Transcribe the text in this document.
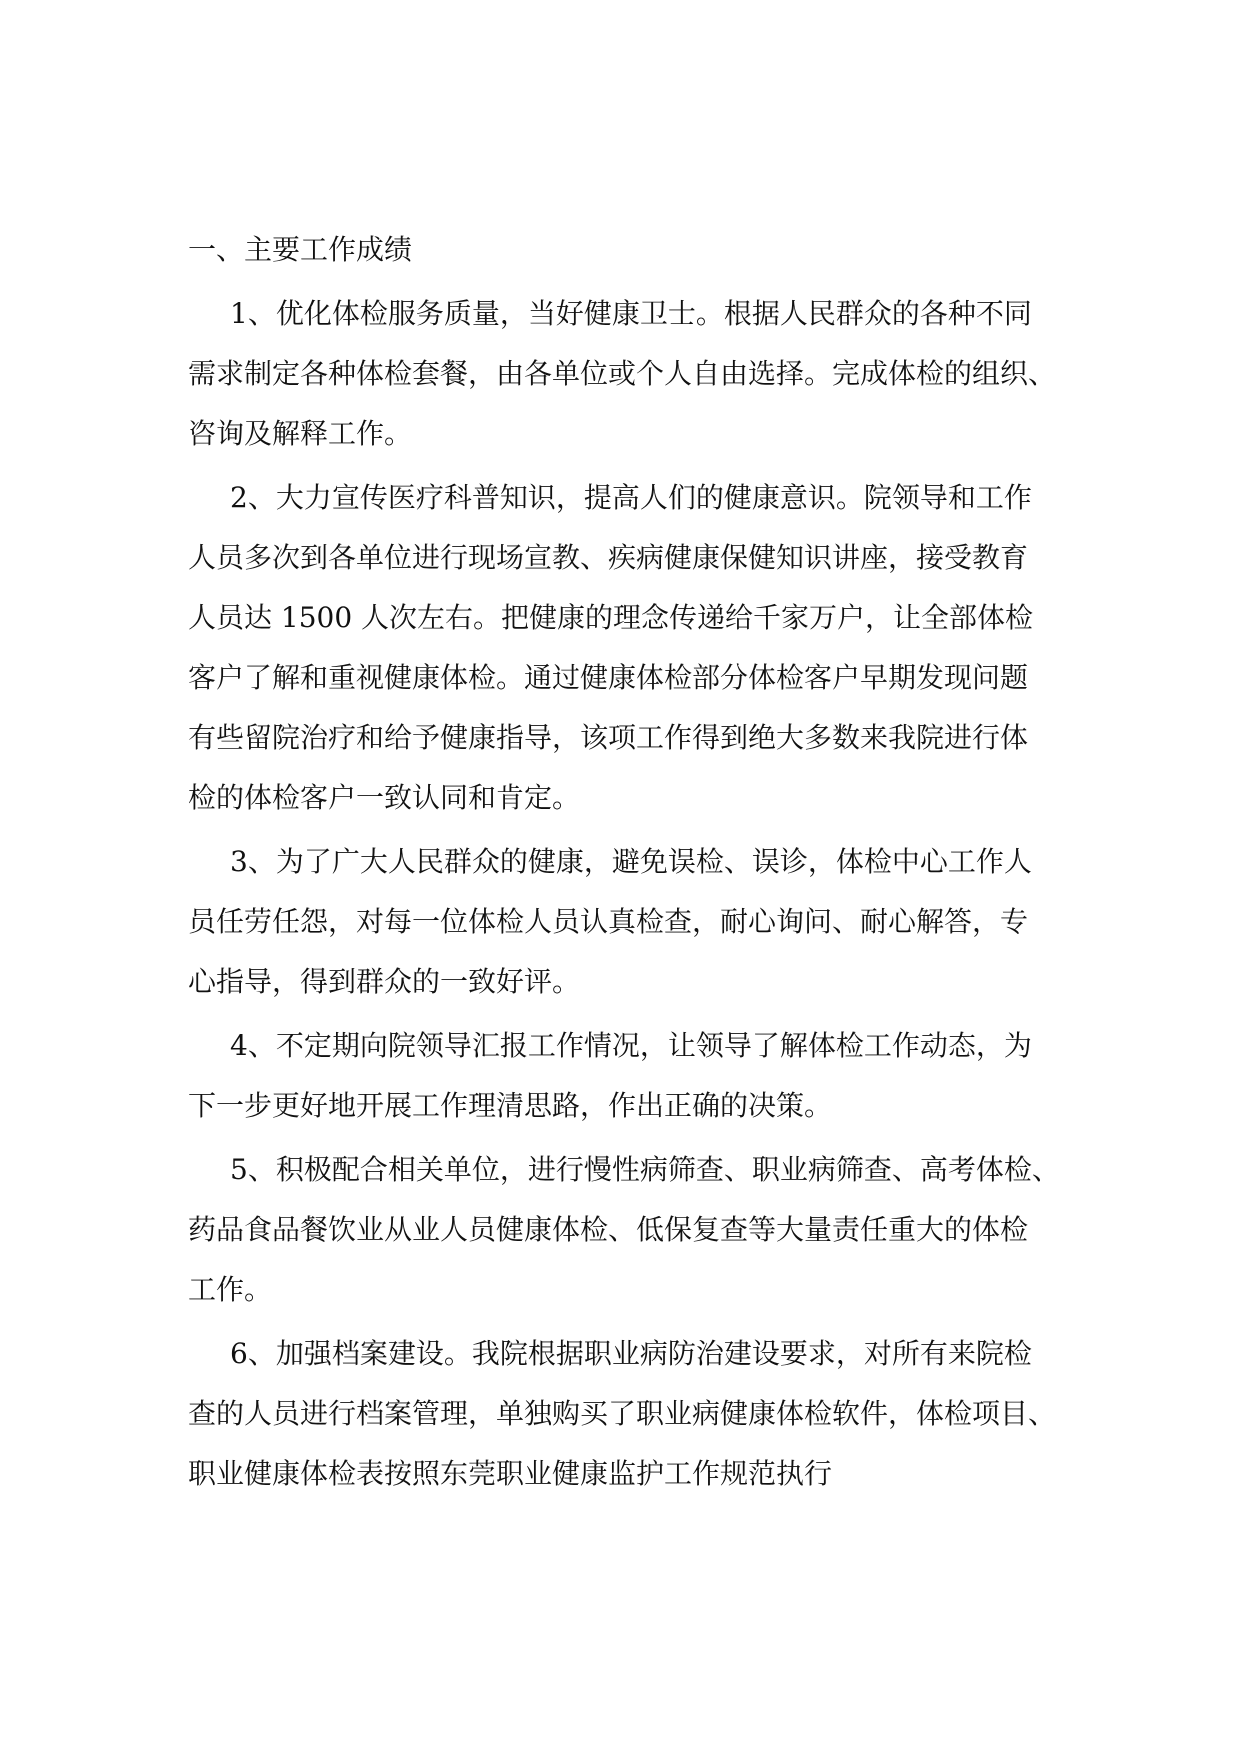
一、主要工作成绩
1、优化体检服务质量，当好健康卫士。根据人民群众的各种不同
需求制定各种体检套餐，由各单位或个人自由选择。完成体检的组织、
咨询及解释工作。
2、大力宣传医疗科普知识，提高人们的健康意识。院领导和工作
人员多次到各单位进行现场宣教、疾病健康保健知识讲座，接受教育
人员达 1500 人次左右。把健康的理念传递给千家万户，让全部体检
客户了解和重视健康体检。通过健康体检部分体检客户早期发现问题
有些留院治疗和给予健康指导，该项工作得到绝大多数来我院进行体
检的体检客户一致认同和肯定。
3、为了广大人民群众的健康，避免误检、误诊，体检中心工作人
员任劳任怨，对每一位体检人员认真检查，耐心询问、耐心解答，专
心指导，得到群众的一致好评。
4、不定期向院领导汇报工作情况，让领导了解体检工作动态，为
下一步更好地开展工作理清思路，作出正确的决策。
5、积极配合相关单位，进行慢性病筛查、职业病筛查、高考体检、
药品食品餐饮业从业人员健康体检、低保复查等大量责任重大的体检
工作。
6、加强档案建设。我院根据职业病防治建设要求，对所有来院检
查的人员进行档案管理，单独购买了职业病健康体检软件，体检项目、
职业健康体检表按照东莞职业健康监护工作规范执行
